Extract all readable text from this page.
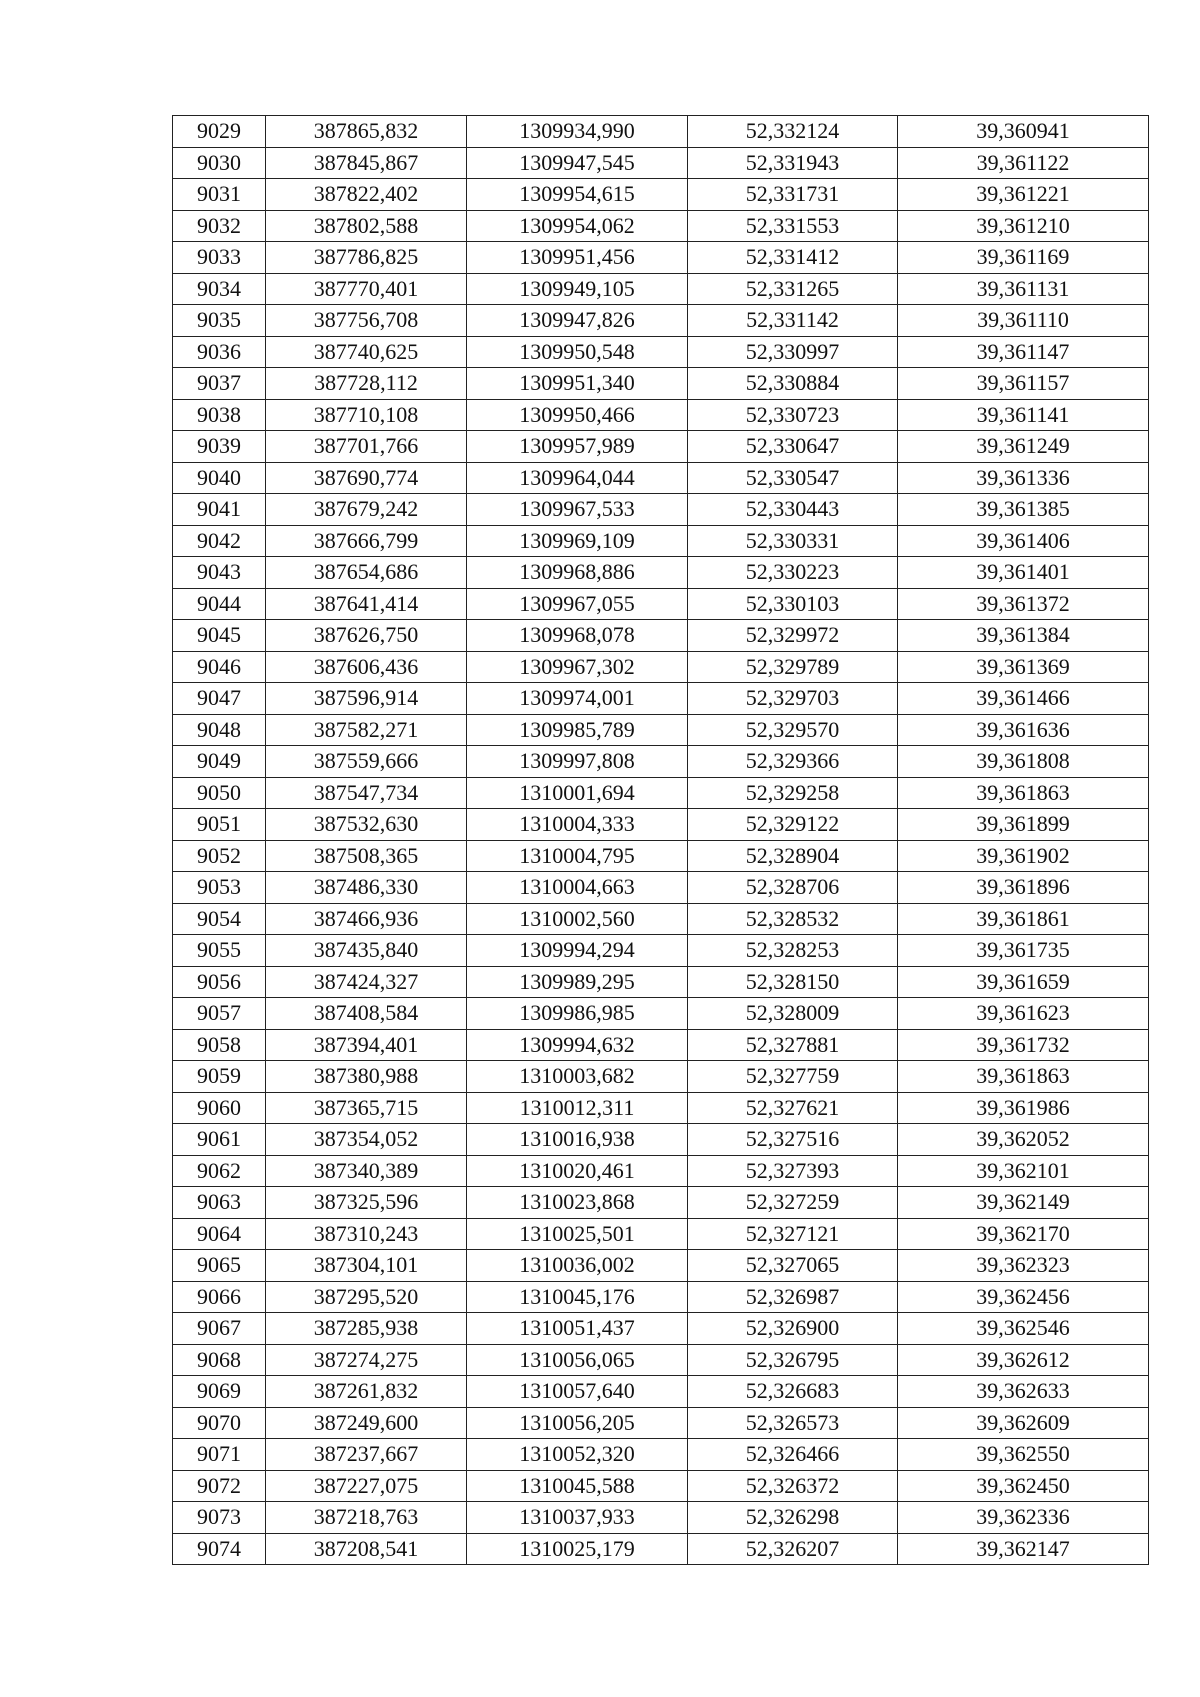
9029	387865,832	1309934,990	52,332124	39,360941
9030	387845,867	1309947,545	52,331943	39,361122
9031	387822,402	1309954,615	52,331731	39,361221
9032	387802,588	1309954,062	52,331553	39,361210
9033	387786,825	1309951,456	52,331412	39,361169
9034	387770,401	1309949,105	52,331265	39,361131
9035	387756,708	1309947,826	52,331142	39,361110
9036	387740,625	1309950,548	52,330997	39,361147
9037	387728,112	1309951,340	52,330884	39,361157
9038	387710,108	1309950,466	52,330723	39,361141
9039	387701,766	1309957,989	52,330647	39,361249
9040	387690,774	1309964,044	52,330547	39,361336
9041	387679,242	1309967,533	52,330443	39,361385
9042	387666,799	1309969,109	52,330331	39,361406
9043	387654,686	1309968,886	52,330223	39,361401
9044	387641,414	1309967,055	52,330103	39,361372
9045	387626,750	1309968,078	52,329972	39,361384
9046	387606,436	1309967,302	52,329789	39,361369
9047	387596,914	1309974,001	52,329703	39,361466
9048	387582,271	1309985,789	52,329570	39,361636
9049	387559,666	1309997,808	52,329366	39,361808
9050	387547,734	1310001,694	52,329258	39,361863
9051	387532,630	1310004,333	52,329122	39,361899
9052	387508,365	1310004,795	52,328904	39,361902
9053	387486,330	1310004,663	52,328706	39,361896
9054	387466,936	1310002,560	52,328532	39,361861
9055	387435,840	1309994,294	52,328253	39,361735
9056	387424,327	1309989,295	52,328150	39,361659
9057	387408,584	1309986,985	52,328009	39,361623
9058	387394,401	1309994,632	52,327881	39,361732
9059	387380,988	1310003,682	52,327759	39,361863
9060	387365,715	1310012,311	52,327621	39,361986
9061	387354,052	1310016,938	52,327516	39,362052
9062	387340,389	1310020,461	52,327393	39,362101
9063	387325,596	1310023,868	52,327259	39,362149
9064	387310,243	1310025,501	52,327121	39,362170
9065	387304,101	1310036,002	52,327065	39,362323
9066	387295,520	1310045,176	52,326987	39,362456
9067	387285,938	1310051,437	52,326900	39,362546
9068	387274,275	1310056,065	52,326795	39,362612
9069	387261,832	1310057,640	52,326683	39,362633
9070	387249,600	1310056,205	52,326573	39,362609
9071	387237,667	1310052,320	52,326466	39,362550
9072	387227,075	1310045,588	52,326372	39,362450
9073	387218,763	1310037,933	52,326298	39,362336
9074	387208,541	1310025,179	52,326207	39,362147
